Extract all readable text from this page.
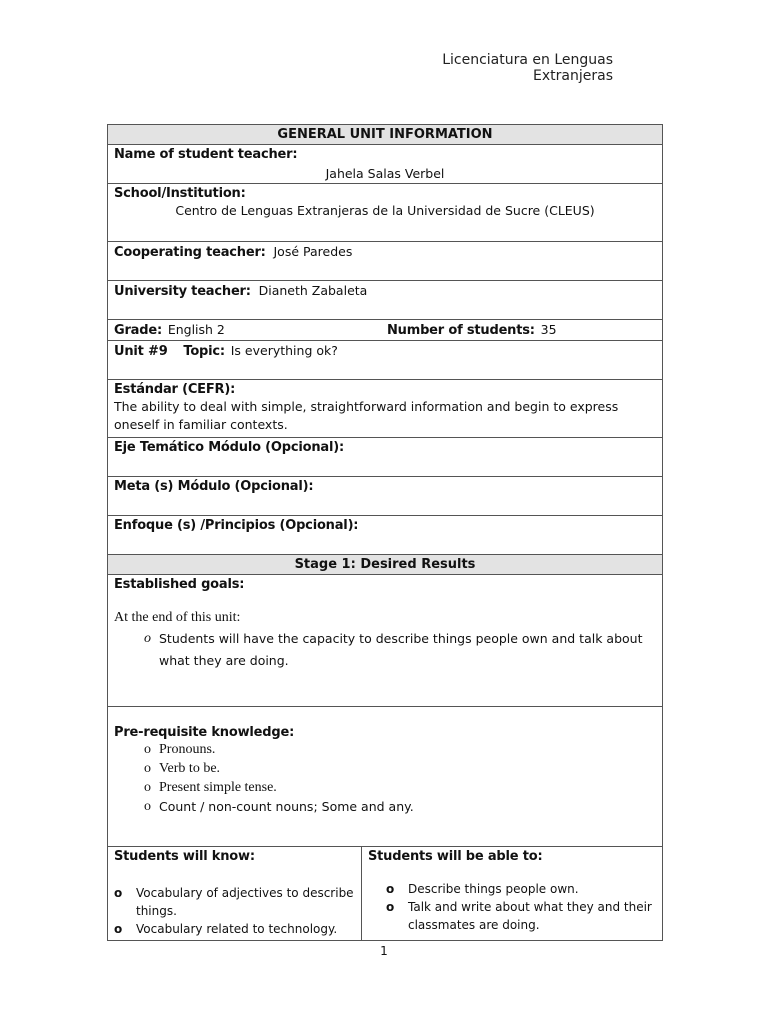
Licenciatura en Lenguas
Extranjeras
GENERAL UNIT INFORMATION

Name of student teacher:
Jahela Salas Verbel

School/Institution:
Centro de Lenguas Extranjeras de la Universidad de Sucre (CLEUS)

Cooperating teacher: José Paredes
University teacher: Dianeth Zabaleta
Grade: English 2	Number of students: 35

Unit #9 Topic: Is everything ok?

Estándar (CEFR):
The ability to deal with simple, straightforward information and begin to express oneself in familiar contexts.

Eje Temático Módulo (Opcional):

Meta (s) Módulo (Opcional):

Enfoque (s) /Principios (Opcional):

Stage 1: Desired Results

Established goals:
At the end of this unit:
o Students will have the capacity to describe things people own and talk about what they are doing.

Pre-requisite knowledge:
o Pronouns.
o Verb to be.
o Present simple tense.
o Count / non-count nouns; Some and any.

Students will know:
o Vocabulary of adjectives to describe things.
o Vocabulary related to technology.

Students will be able to:
o Describe things people own.
o Talk and write about what they and their classmates are doing.
1
